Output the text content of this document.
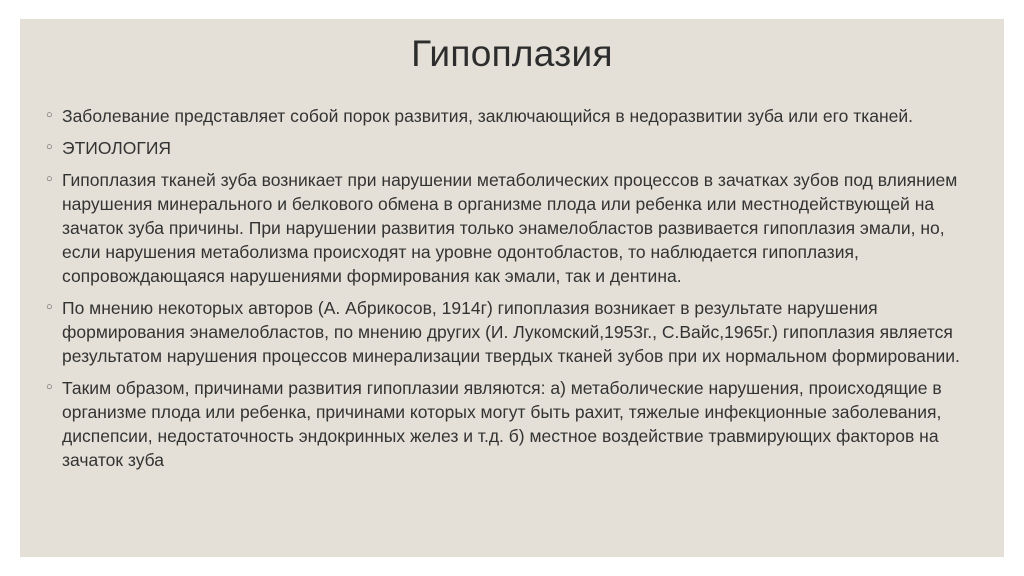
Гипоплазия
○ Заболевание представляет собой порок развития, заключающийся в недоразвитии зуба или его тканей.
○ ЭТИОЛОГИЯ
○ Гипоплазия тканей зуба возникает при нарушении метаболических процессов в зачатках зубов под влиянием нарушения минерального и белкового обмена в организме плода или ребенка или местнодействующей на зачаток зуба причины. При нарушении развития только энамелобластов развивается гипоплазия эмали, но, если нарушения метаболизма происходят на уровне одонтобластов, то наблюдается гипоплазия, сопровождающаяся нарушениями формирования как эмали, так и дентина.
○ По мнению некоторых авторов (А. Абрикосов, 1914г) гипоплазия возникает в результате нарушения формирования энамелобластов, по мнению других (И. Лукомский,1953г., С.Вайс,1965г.) гипоплазия является результатом нарушения процессов минерализации твердых тканей зубов при их нормальном формировании.
○ Таким образом, причинами развития гипоплазии являются: а) метаболические нарушения, происходящие в организме плода или ребенка, причинами которых могут быть рахит, тяжелые инфекционные заболевания, диспепсии, недостаточность эндокринных желез и т.д. б) местное воздействие травмирующих факторов на зачаток зуба
